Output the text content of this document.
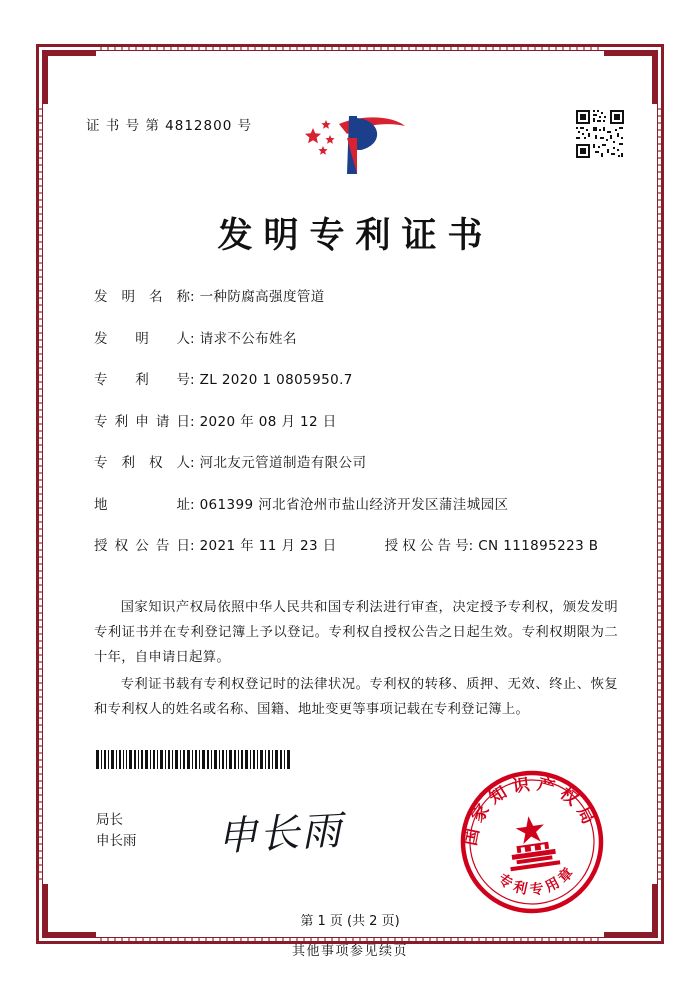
证 书 号 第 4812800 号
发明专利证书
发 明 名 称 : 一种防腐高强度管道
发 明 人 : 请求不公布姓名
专 利 号 : ZL 2020 1 0805950.7
专 利 申 请 日 : 2020 年 08 月 12 日
专 利 权 人 : 河北友元管道制造有限公司
地	址 : 061399 河北省沧州市盐山经济开发区蒲洼城园区
授 权 公 告 日 : 2021 年 11 月 23 日	授 权 公 告 号 : CN 111895223 B

国家知识产权局依照中华人民共和国专利法进行审查，决定授予专利权，颁发发明专利证书并在专利登记簿上予以登记。专利权自授权公告之日起生效。专利权期限为二十年，自申请日起算。

专利证书载有专利权登记时的法律状况。专利权的转移、质押、无效、终止、恢复和专利权人的姓名或名称、国籍、地址变更等事项记载在专利登记簿上。

局长
申长雨 申长雨	国家知识产权局
专利专用章
第 1 页 (共 2 页)
其他事项参见续页
